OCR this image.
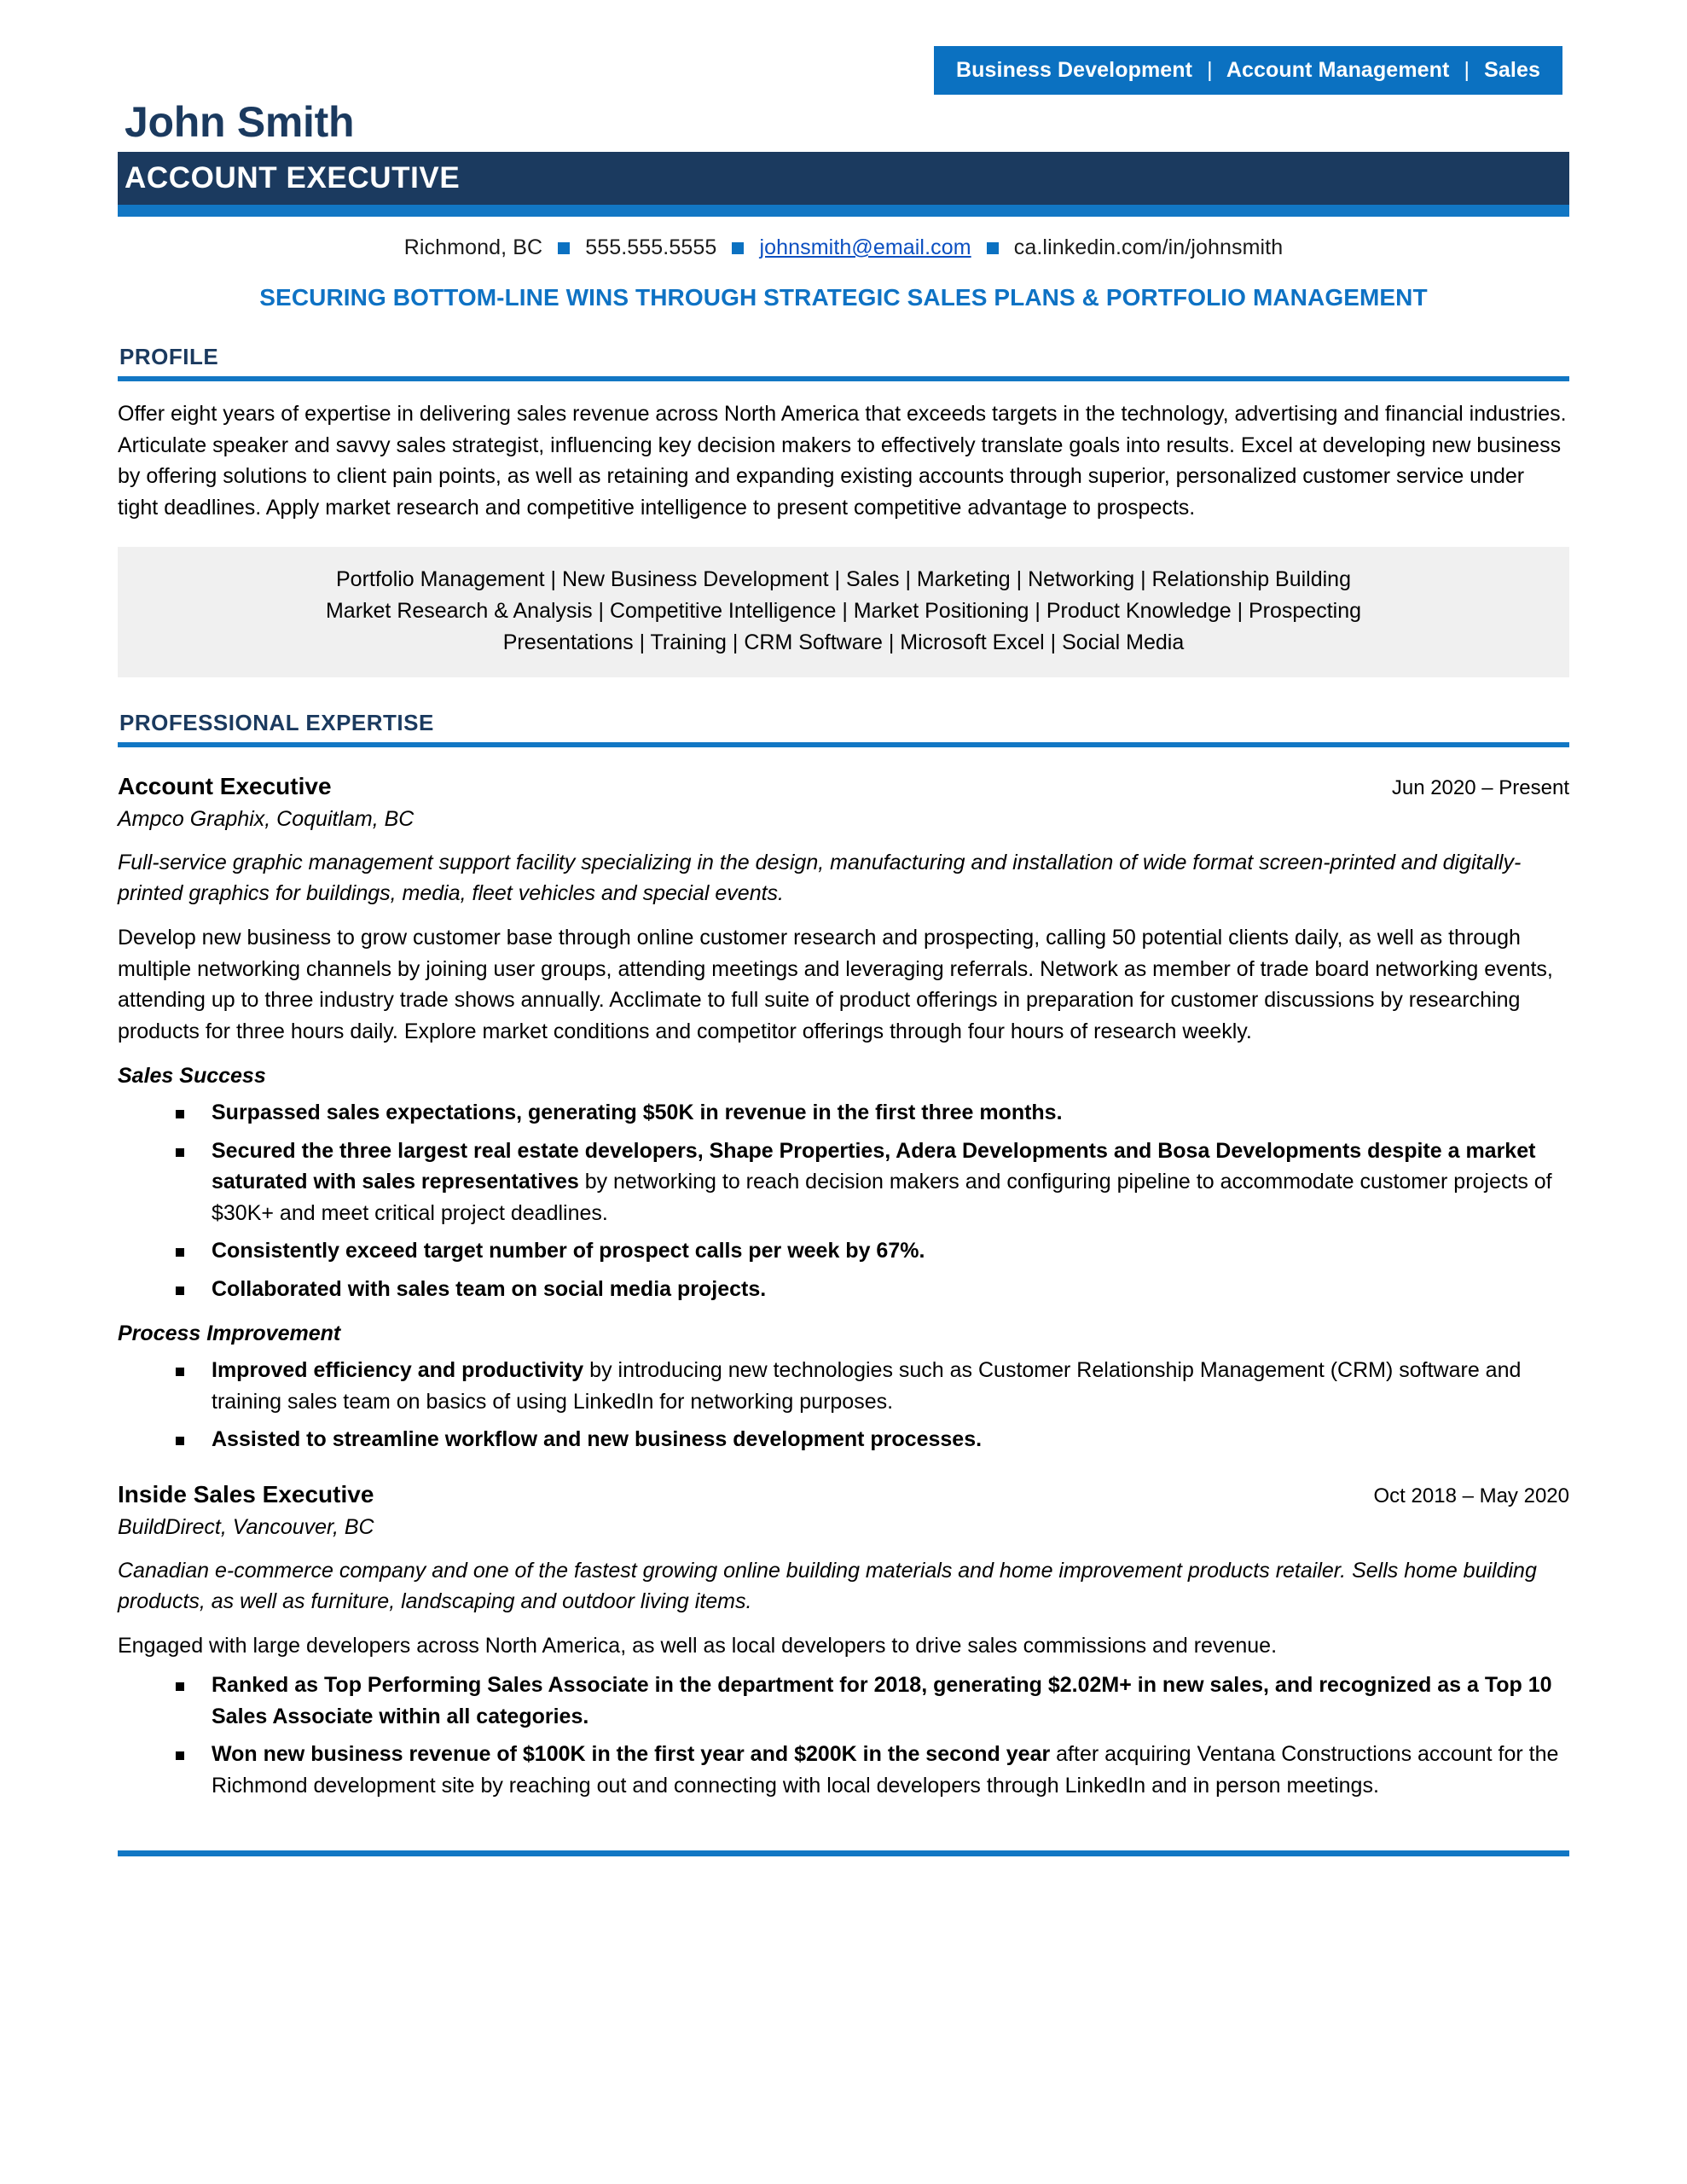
John Smith
Business Development | Account Management | Sales
ACCOUNT EXECUTIVE
Richmond, BC 555.555.5555 johnsmith@email.com ca.linkedin.com/in/johnsmith
SECURING BOTTOM-LINE WINS THROUGH STRATEGIC SALES PLANS & PORTFOLIO MANAGEMENT
PROFILE
Offer eight years of expertise in delivering sales revenue across North America that exceeds targets in the technology, advertising and financial industries. Articulate speaker and savvy sales strategist, influencing key decision makers to effectively translate goals into results. Excel at developing new business by offering solutions to client pain points, as well as retaining and expanding existing accounts through superior, personalized customer service under tight deadlines. Apply market research and competitive intelligence to present competitive advantage to prospects.
Portfolio Management | New Business Development | Sales | Marketing | Networking | Relationship Building
Market Research & Analysis | Competitive Intelligence | Market Positioning | Product Knowledge | Prospecting
Presentations | Training | CRM Software | Microsoft Excel | Social Media
PROFESSIONAL EXPERTISE
Account Executive	Jun 2020 – Present
Ampco Graphix, Coquitlam, BC
Full-service graphic management support facility specializing in the design, manufacturing and installation of wide format screen-printed and digitally-printed graphics for buildings, media, fleet vehicles and special events.
Develop new business to grow customer base through online customer research and prospecting, calling 50 potential clients daily, as well as through multiple networking channels by joining user groups, attending meetings and leveraging referrals. Network as member of trade board networking events, attending up to three industry trade shows annually. Acclimate to full suite of product offerings in preparation for customer discussions by researching products for three hours daily. Explore market conditions and competitor offerings through four hours of research weekly.
Sales Success
Surpassed sales expectations, generating $50K in revenue in the first three months.
Secured the three largest real estate developers, Shape Properties, Adera Developments and Bosa Developments despite a market saturated with sales representatives by networking to reach decision makers and configuring pipeline to accommodate customer projects of $30K+ and meet critical project deadlines.
Consistently exceed target number of prospect calls per week by 67%.
Collaborated with sales team on social media projects.
Process Improvement
Improved efficiency and productivity by introducing new technologies such as Customer Relationship Management (CRM) software and training sales team on basics of using LinkedIn for networking purposes.
Assisted to streamline workflow and new business development processes.
Inside Sales Executive	Oct 2018 – May 2020
BuildDirect, Vancouver, BC
Canadian e-commerce company and one of the fastest growing online building materials and home improvement products retailer. Sells home building products, as well as furniture, landscaping and outdoor living items.
Engaged with large developers across North America, as well as local developers to drive sales commissions and revenue.
Ranked as Top Performing Sales Associate in the department for 2018, generating $2.02M+ in new sales, and recognized as a Top 10 Sales Associate within all categories.
Won new business revenue of $100K in the first year and $200K in the second year after acquiring Ventana Constructions account for the Richmond development site by reaching out and connecting with local developers through LinkedIn and in person meetings.
